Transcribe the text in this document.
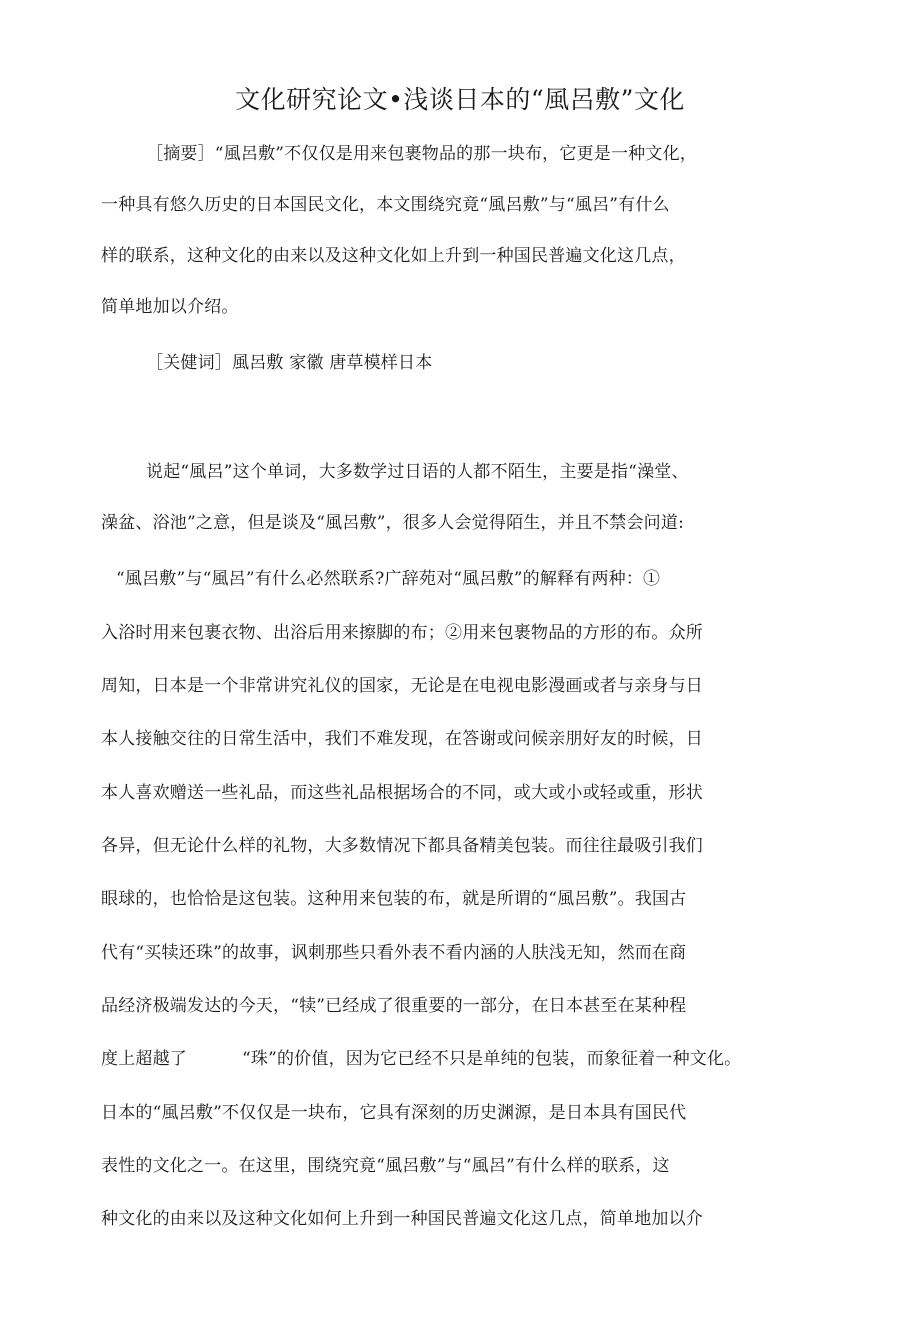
文化研究论文•浅谈日本的“風呂敷”文化
［摘要］“風呂敷”不仅仅是用来包裹物品的那一块布，它更是一种文化，
一种具有悠久历史的日本国民文化，本文围绕究竟“風呂敷”与“風呂”有什么
样的联系，这种文化的由来以及这种文化如上升到一种国民普遍文化这几点，
简单地加以介绍。
［关健词］風呂敷 家徽 唐草模样日本
说起“風呂”这个单词，大多数学过日语的人都不陌生，主要是指“澡堂、
澡盆、浴池”之意，但是谈及“風呂敷”，很多人会觉得陌生，并且不禁会问道:
“風呂敷”与“風呂”有什么必然联系?广辞苑对“風呂敷”的解释有两种：①
入浴时用来包裹衣物、出浴后用来擦脚的布；②用来包裹物品的方形的布。众所
周知，日本是一个非常讲究礼仪的国家，无论是在电视电影漫画或者与亲身与日
本人接触交往的日常生活中，我们不难发现，在答谢或问候亲朋好友的时候，日
本人喜欢赠送一些礼品，而这些礼品根据场合的不同，或大或小或轻或重，形状
各异，但无论什么样的礼物，大多数情况下都具备精美包装。而往往最吸引我们
眼球的，也恰恰是这包装。这种用来包装的布，就是所谓的“風呂敷”。我国古
代有“买犊还珠”的故事，讽刺那些只看外表不看内涵的人肤浅无知，然而在商
品经济极端发达的今天，“犊”已经成了很重要的一部分，在日本甚至在某种程
度上超越了	“珠”的价值，因为它已经不只是单纯的包装，而象征着一种文化。
日本的“風呂敷”不仅仅是一块布，它具有深刻的历史渊源，是日本具有国民代
表性的文化之一。在这里，围绕究竟“風呂敷”与“風呂”有什么样的联系，这
种文化的由来以及这种文化如何上升到一种国民普遍文化这几点，简单地加以介
